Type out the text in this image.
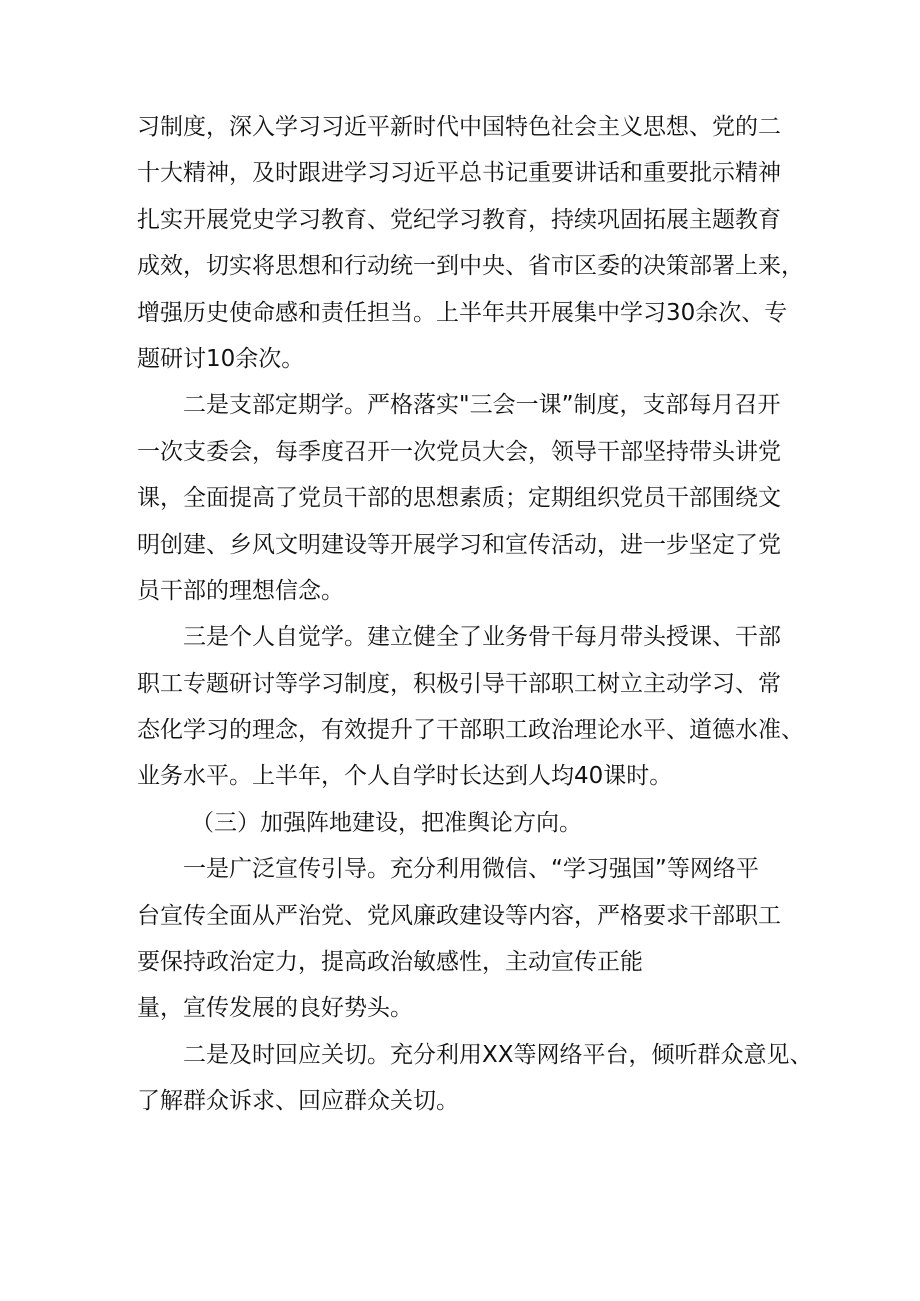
习制度，深入学习习近平新时代中国特色社会主义思想、党的二
十大精神，及时跟进学习习近平总书记重要讲话和重要批示精神
扎实开展党史学习教育、党纪学习教育，持续巩固拓展主题教育
成效，切实将思想和行动统一到中央、省市区委的决策部署上来，
增强历史使命感和责任担当。上半年共开展集中学习30余次、专
题研讨10余次。
二是支部定期学。严格落实"三会一课”制度，支部每月召开
一次支委会，每季度召开一次党员大会，领导干部坚持带头讲党
课，全面提高了党员干部的思想素质；定期组织党员干部围绕文
明创建、乡风文明建设等开展学习和宣传活动，进一步坚定了党
员干部的理想信念。
三是个人自觉学。建立健全了业务骨干每月带头授课、干部
职工专题研讨等学习制度，积极引导干部职工树立主动学习、常
态化学习的理念，有效提升了干部职工政治理论水平、道德水准、
业务水平。上半年，个人自学时长达到人均40课时。
（三）加强阵地建设，把准舆论方向。
一是广泛宣传引导。充分利用微信、“学习强国”等网络平
台宣传全面从严治党、党风廉政建设等内容，严格要求干部职工
要保持政治定力，提高政治敏感性，主动宣传正能
量，宣传发展的良好势头。
二是及时回应关切。充分利用XX等网络平台，倾听群众意见、
了解群众诉求、回应群众关切。
